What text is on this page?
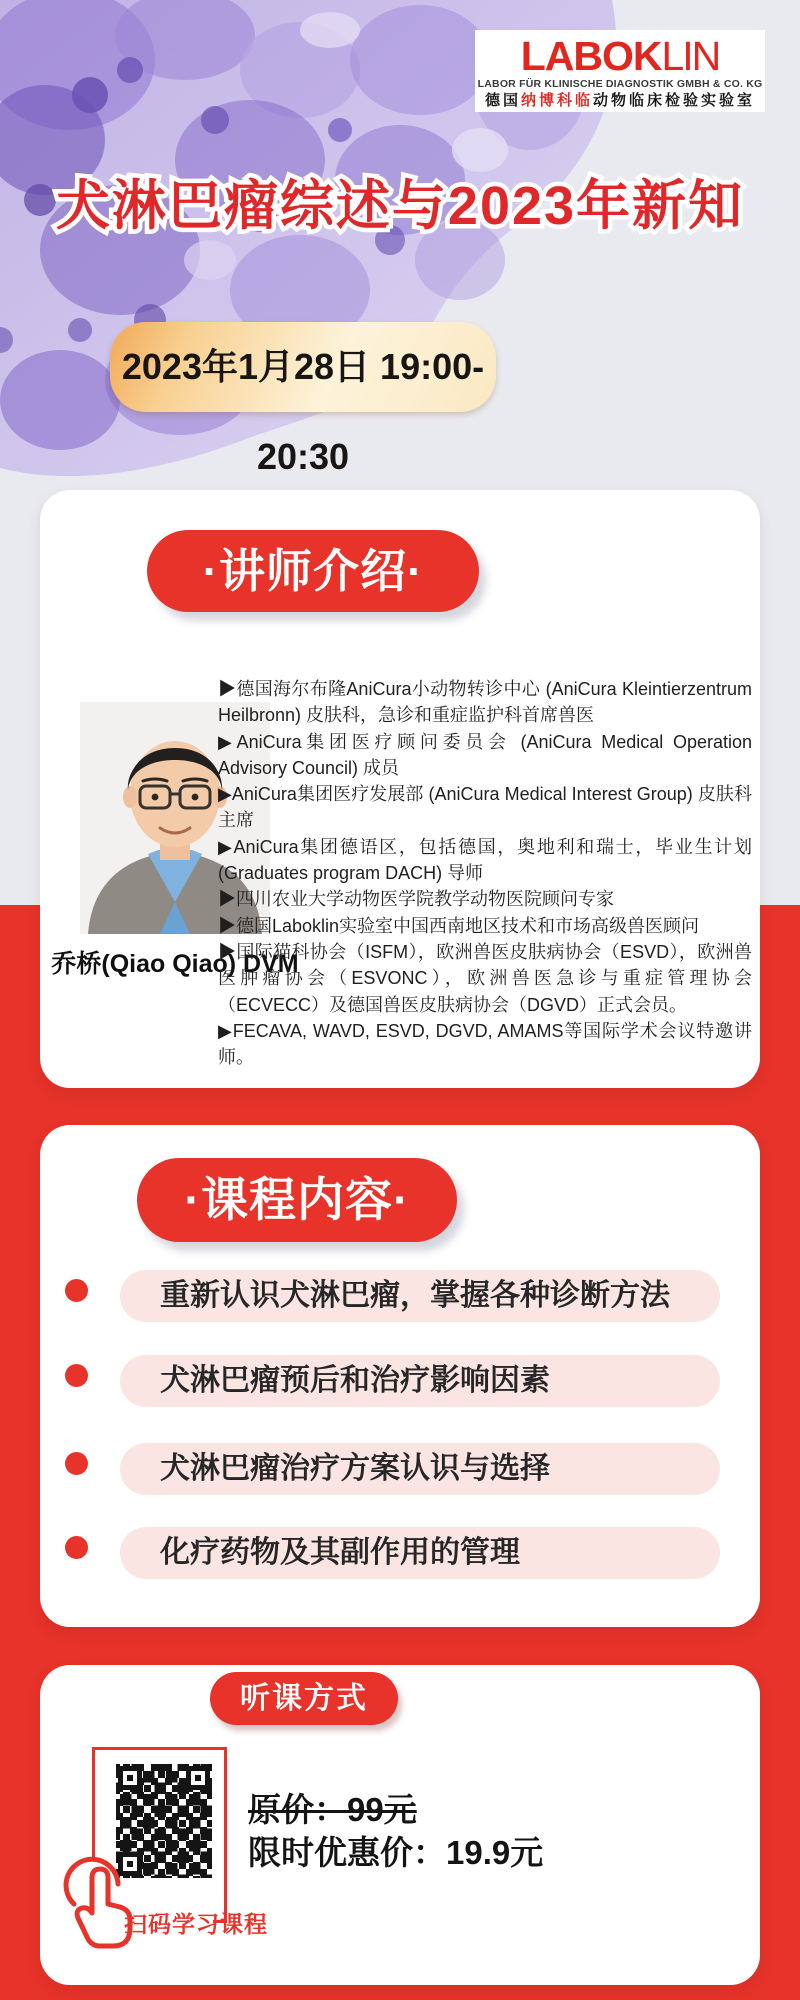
LABOKLIN
LABOR FÜR KLINISCHE DIAGNOSTIK GMBH & CO. KG
德国纳博科临动物临床检验实验室
犬淋巴瘤综述与2023年新知
2023年1月28日 19:00-20:30
·讲师介绍·
乔桥(Qiao Qiao) DVM

▶德国海尔布隆AniCura小动物转诊中心 (AniCura Kleintierzentrum Heilbronn) 皮肤科，急诊和重症监护科首席兽医

▶AniCura集团医疗顾问委员会 (AniCura Medical Operation Advisory Council) 成员

▶AniCura集团医疗发展部 (AniCura Medical Interest Group) 皮肤科主席

▶AniCura集团德语区，包括德国，奥地利和瑞士，毕业生计划 (Graduates program DACH) 导师

▶四川农业大学动物医学院教学动物医院顾问专家

▶德国Laboklin实验室中国西南地区技术和市场高级兽医顾问

▶国际猫科协会（ISFM），欧洲兽医皮肤病协会（ESVD），欧洲兽医肿瘤协会（ESVONC），欧洲兽医急诊与重症管理协会（ECVECC）及德国兽医皮肤病协会（DGVD）正式会员。

▶FECAVA, WAVD, ESVD, DGVD, AMAMS等国际学术会议特邀讲师。

·课程内容·
重新认识犬淋巴瘤，掌握各种诊断方法
犬淋巴瘤预后和治疗影响因素
犬淋巴瘤治疗方案认识与选择
化疗药物及其副作用的管理
听课方式
扫码学习课程
原价：99元
限时优惠价：19.9元
